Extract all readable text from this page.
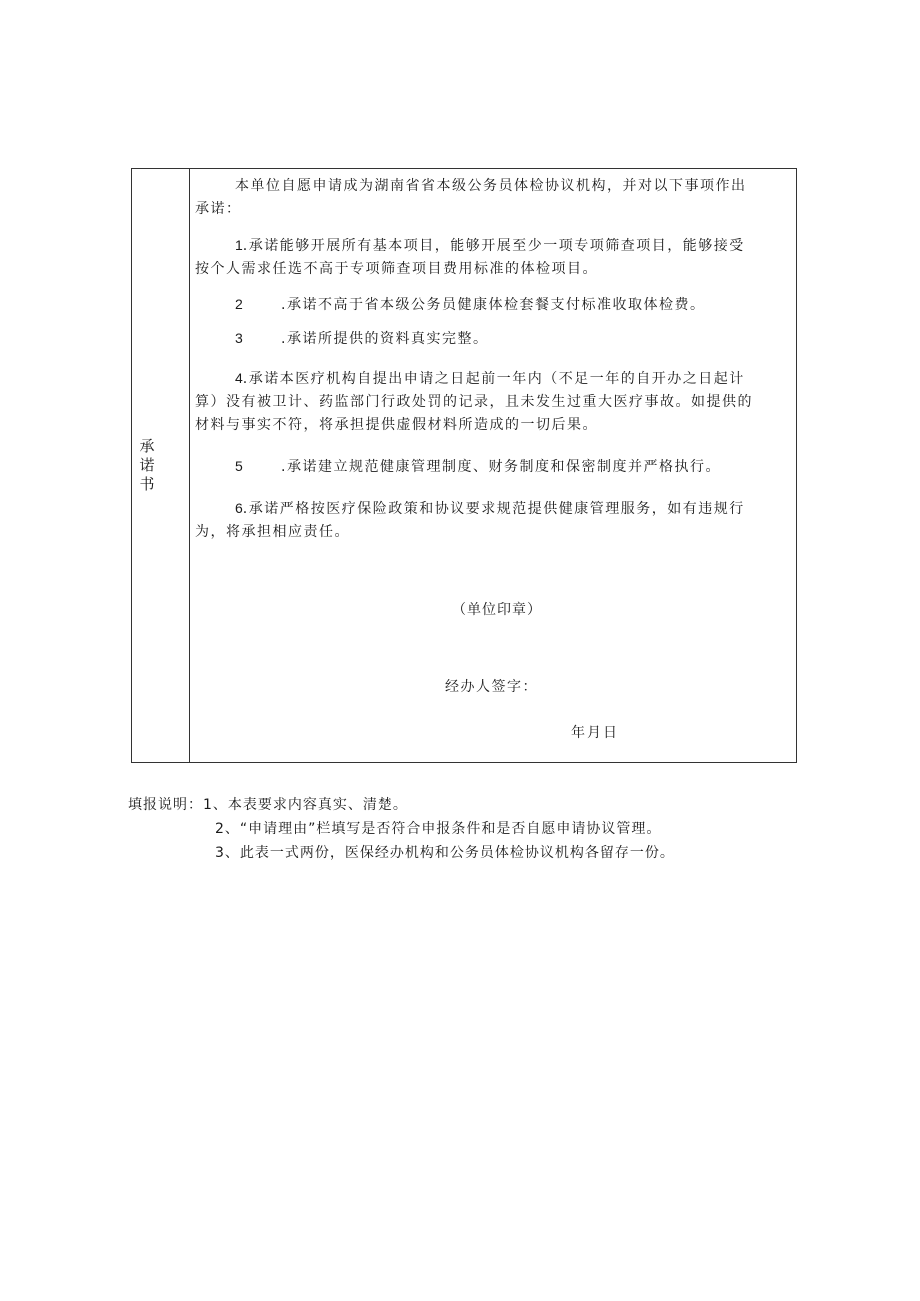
承
诺
书
本单位自愿申请成为湖南省省本级公务员体检协议机构，并对以下事项作出
承诺：
1.承诺能够开展所有基本项目，能够开展至少一项专项筛查项目，能够接受
按个人需求任选不高于专项筛查项目费用标准的体检项目。
2	.承诺不高于省本级公务员健康体检套餐支付标准收取体检费。
3	.承诺所提供的资料真实完整。
4.承诺本医疗机构自提出申请之日起前一年内（不足一年的自开办之日起计
算）没有被卫计、药监部门行政处罚的记录，且未发生过重大医疗事故。如提供的
材料与事实不符，将承担提供虚假材料所造成的一切后果。
5	.承诺建立规范健康管理制度、财务制度和保密制度并严格执行。
6.承诺严格按医疗保险政策和协议要求规范提供健康管理服务，如有违规行
为，将承担相应责任。
（单位印章）
经办人签字：
年月日
填报说明：1、本表要求内容真实、清楚。
2、“申请理由”栏填写是否符合申报条件和是否自愿申请协议管理。
3、此表一式两份，医保经办机构和公务员体检协议机构各留存一份。
